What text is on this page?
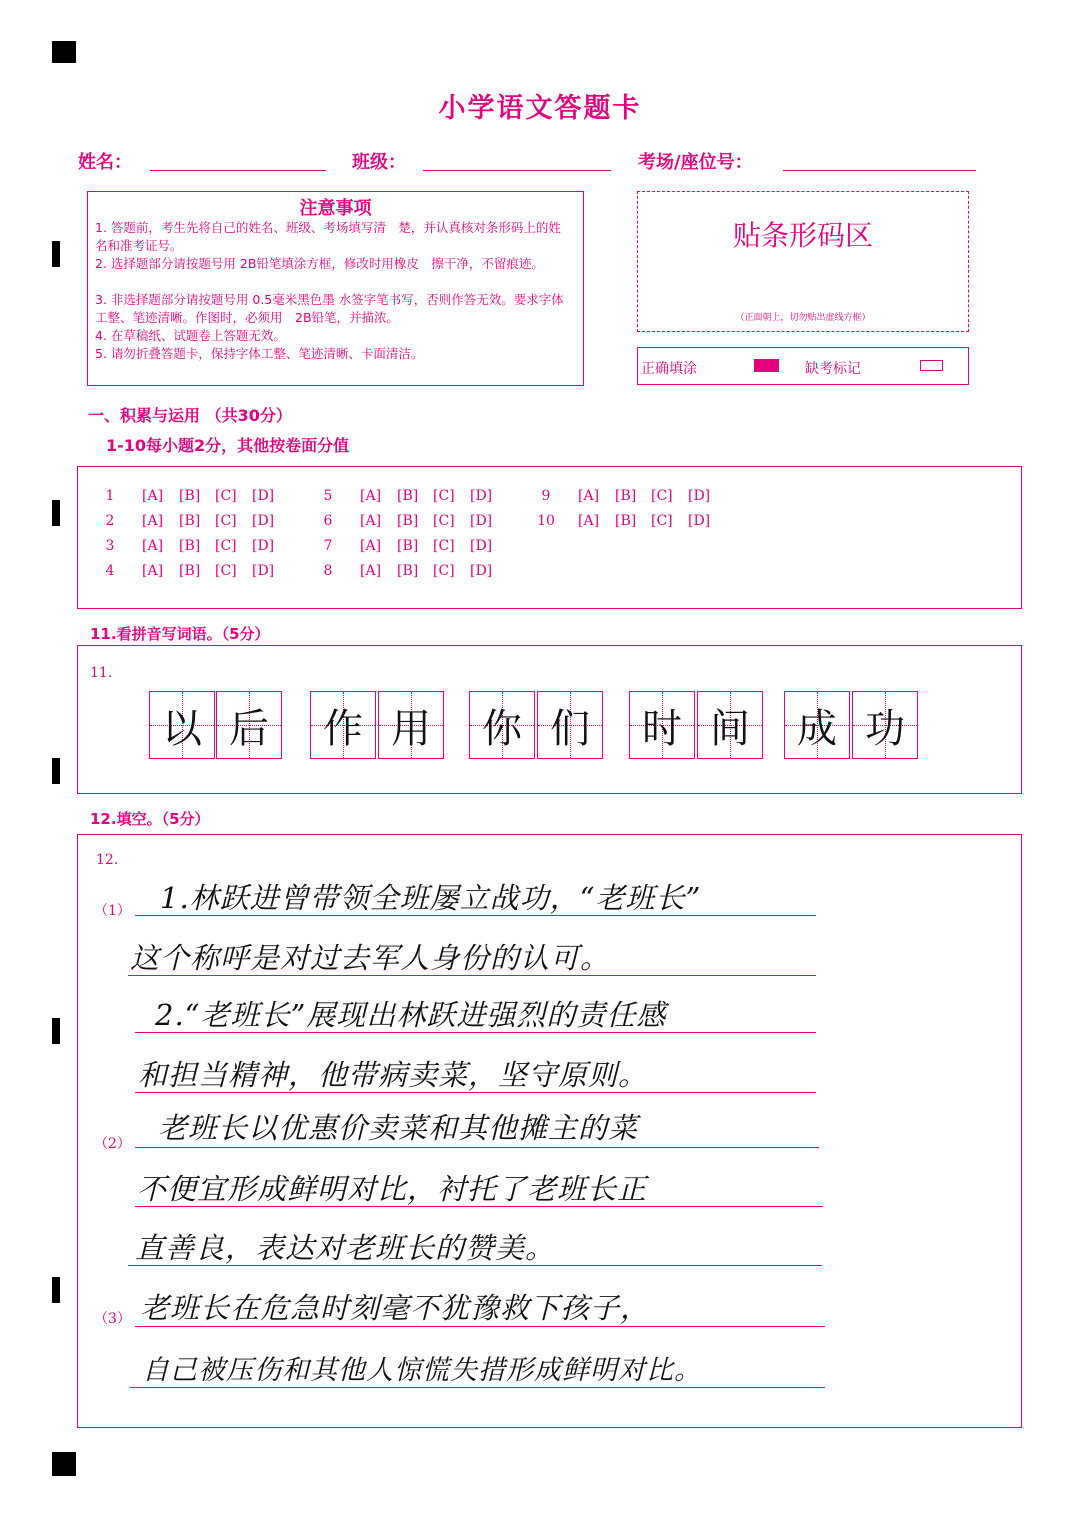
小学语文答题卡
姓名：	班级：	考场/座位号：
注意事项
1. 答题前，考生先将自己的姓名、班级、考场填写清　楚，并认真核对条形码上的姓名和准考证号。
2. 选择题部分请按题号用 2B铅笔填涂方框，修改时用橡皮　擦干净，不留痕迹。
3. 非选择题部分请按题号用 0.5毫米黑色墨 水签字笔书写，否则作答无效。要求字体工整、笔迹清晰。作图时，必须用　2B铅笔，并描浓。
4. 在草稿纸、试题卷上答题无效。
5. 请勿折叠答题卡，保持字体工整、笔迹清晰、卡面清洁。
贴条形码区
（正面朝上，切勿贴出虚线方框）
正确填涂	缺考标记
一、积累与运用 （共30分）
1-10每小题2分，其他按卷面分值
1	[A] [B] [C] [D]
2	[A] [B] [C] [D]
3	[A] [B] [C] [D]
4	[A] [B] [C] [D]
5	[A] [B] [C] [D]
6	[A] [B] [C] [D]
7	[A] [B] [C] [D]
8	[A] [B] [C] [D]
9	[A] [B] [C] [D]
10	[A] [B] [C] [D]
11.看拼音写词语。（5分）
11.
以 后	作 用	你 们	时 间	成 功
12.填空。（5分）
12.
（1）
（2）
（3）
1.林跃进曾带领全班屡立战功，“老班长”
这个称呼是对过去军人身份的认可。
2.“老班长”展现出林跃进强烈的责任感
和担当精神，他带病卖菜，坚守原则。
老班长以优惠价卖菜和其他摊主的菜
不便宜形成鲜明对比，衬托了老班长正
直善良，表达对老班长的赞美。
老班长在危急时刻毫不犹豫救下孩子，
自己被压伤和其他人惊慌失措形成鲜明对比。
